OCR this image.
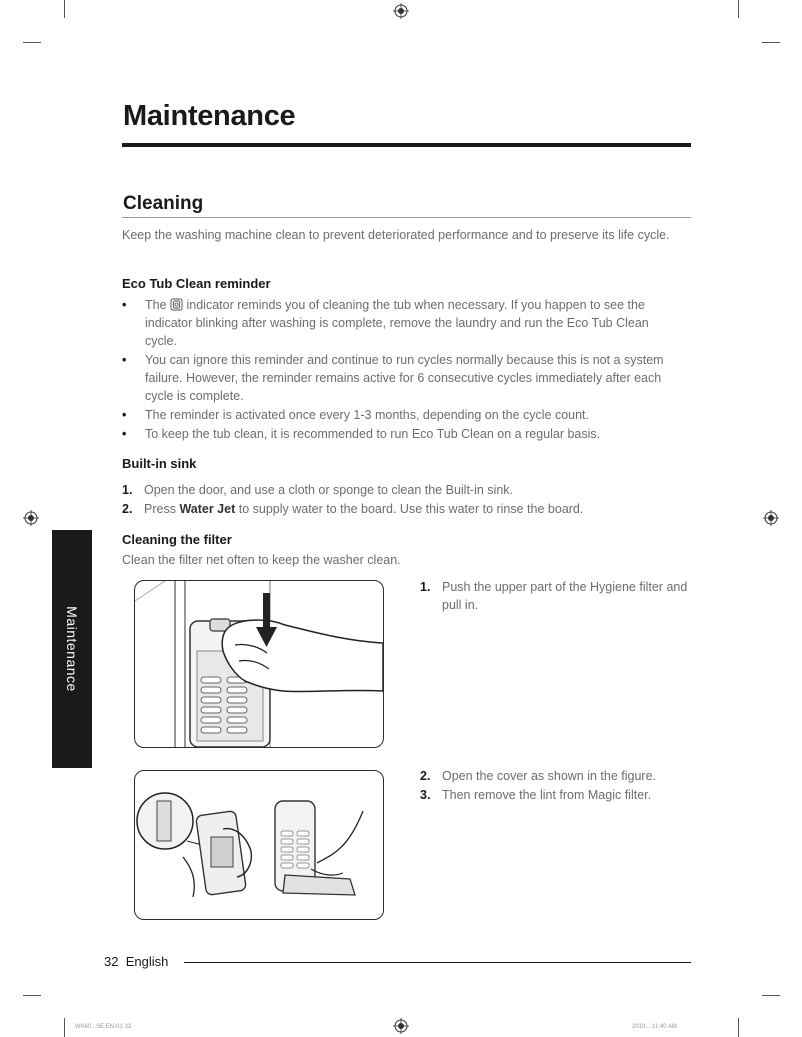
Maintenance
Cleaning
Keep the washing machine clean to prevent deteriorated performance and to preserve its life cycle.
Eco Tub Clean reminder
• The  indicator reminds you of cleaning the tub when necessary. If you happen to see the indicator blinking after washing is complete, remove the laundry and run the Eco Tub Clean cycle.
• You can ignore this reminder and continue to run cycles normally because this is not a system failure. However, the reminder remains active for 6 consecutive cycles immediately after each cycle is complete.
• The reminder is activated once every 1-3 months, depending on the cycle count.
• To keep the tub clean, it is recommended to run Eco Tub Clean on a regular basis.
Built-in sink
1. Open the door, and use a cloth or sponge to clean the Built-in sink.
2. Press Water Jet to supply water to the board. Use this water to rinse the board.
Cleaning the filter
Clean the filter net often to keep the washer clean.
1. Push the upper part of the Hygiene filter and pull in.
2. Open the cover as shown in the figure.
3. Then remove the lint from Magic filter.
Maintenance
32 English
WA60...SE.EN-01 33	2019... 11:40 AM
